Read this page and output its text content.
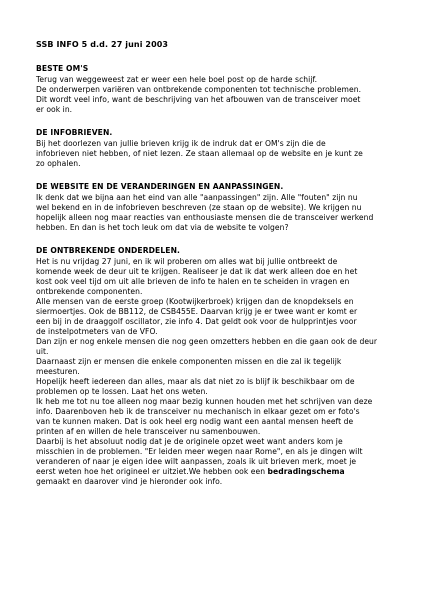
SSB INFO 5 d.d. 27 juni 2003
BESTE OM'S
Terug van weggeweest zat er weer een hele boel post op de harde schijf.
De onderwerpen variëren van ontbrekende componenten tot technische problemen.
Dit wordt veel info, want de beschrijving van het afbouwen van de transceiver moet
er ook in.
DE INFOBRIEVEN.
Bij het doorlezen van jullie brieven krijg ik de indruk dat er OM's zijn die de
infobrieven niet hebben, of niet lezen. Ze staan allemaal op de website en je kunt ze
zo ophalen.
DE WEBSITE EN DE VERANDERINGEN EN AANPASSINGEN.
Ik denk dat we bijna aan het eind van alle "aanpassingen" zijn. Alle "fouten" zijn nu
wel bekend en in de infobrieven beschreven (ze staan op de website). We krijgen nu
hopelijk alleen nog maar reacties van enthousiaste mensen die de transceiver werkend
hebben. En dan is het toch leuk om dat via de website te volgen?
DE ONTBREKENDE ONDERDELEN.
Het is nu vrijdag 27 juni, en ik wil proberen om alles wat bij jullie ontbreekt de
komende week de deur uit te krijgen. Realiseer je dat ik dat werk alleen doe en het
kost ook veel tijd om uit alle brieven de info te halen en te scheiden in vragen en
ontbrekende componenten.
Alle mensen van de eerste groep (Kootwijkerbroek) krijgen dan de knopdeksels en
siermoertjes. Ook de BB112, de CSB455E. Daarvan krijg je er twee want er komt er
een bij in de draaggolf oscillator, zie info 4. Dat geldt ook voor de hulpprintjes voor
de instelpotmeters van de VFO.
Dan zijn er nog enkele mensen die nog geen omzetters hebben en die gaan ook de deur
uit.
Daarnaast zijn er mensen die enkele componenten missen en die zal ik tegelijk
meesturen.
Hopelijk heeft iedereen dan alles, maar als dat niet zo is blijf ik beschikbaar om de
problemen op te lossen. Laat het ons weten.
Ik heb me tot nu toe alleen nog maar bezig kunnen houden met het schrijven van deze
info. Daarenboven heb ik de transceiver nu mechanisch in elkaar gezet om er foto's
van te kunnen maken. Dat is ook heel erg nodig want een aantal mensen heeft de
printen af en willen de hele transceiver nu samenbouwen.
Daarbij is het absoluut nodig dat je de originele opzet weet want anders kom je
misschien in de problemen. "Er leiden meer wegen naar Rome", en als je dingen wilt
veranderen of naar je eigen idee wilt aanpassen, zoals ik uit brieven merk, moet je
eerst weten hoe het origineel er uitziet.We hebben ook een bedradingschema
gemaakt en daarover vind je hieronder ook info.
